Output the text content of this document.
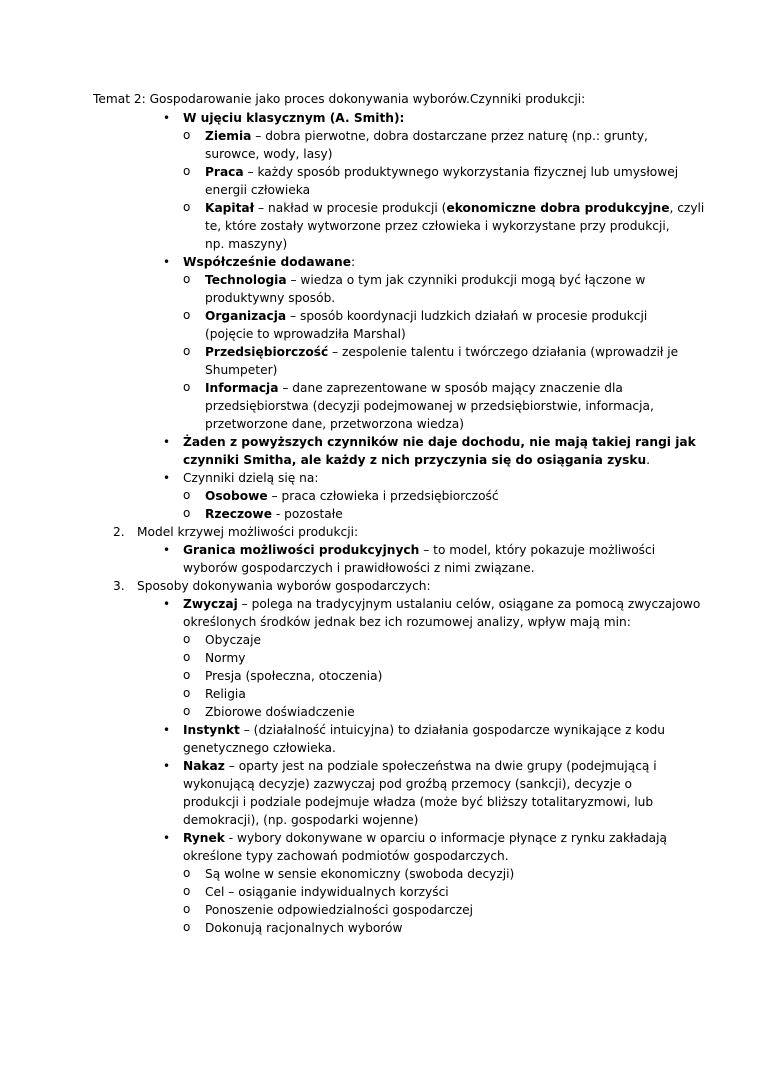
Temat 2: Gospodarowanie jako proces dokonywania wyborów.Czynniki produkcji:
• W ujęciu klasycznym (A. Smith):
o Ziemia – dobra pierwotne, dobra dostarczane przez naturę (np.: grunty,
surowce, wody, lasy)
o Praca – każdy sposób produktywnego wykorzystania fizycznej lub umysłowej
energii człowieka
o Kapitał – nakład w procesie produkcji (ekonomiczne dobra produkcyjne, czyli
te, które zostały wytworzone przez człowieka i wykorzystane przy produkcji,
np. maszyny)
• Współcześnie dodawane:
o Technologia – wiedza o tym jak czynniki produkcji mogą być łączone w
produktywny sposób.
o Organizacja – sposób koordynacji ludzkich działań w procesie produkcji
(pojęcie to wprowadziła Marshal)
o Przedsiębiorczość – zespolenie talentu i twórczego działania (wprowadził je
Shumpeter)
o Informacja – dane zaprezentowane w sposób mający znaczenie dla
przedsiębiorstwa (decyzji podejmowanej w przedsiębiorstwie, informacja,
przetworzone dane, przetworzona wiedza)
• Żaden z powyższych czynników nie daje dochodu, nie mają takiej rangi jak
czynniki Smitha, ale każdy z nich przyczynia się do osiągania zysku.
• Czynniki dzielą się na:
o Osobowe – praca człowieka i przedsiębiorczość
o Rzeczowe - pozostałe
2. Model krzywej możliwości produkcji:
• Granica możliwości produkcyjnych – to model, który pokazuje możliwości
wyborów gospodarczych i prawidłowości z nimi związane.
3. Sposoby dokonywania wyborów gospodarczych:
• Zwyczaj – polega na tradycyjnym ustalaniu celów, osiągane za pomocą zwyczajowo
określonych środków jednak bez ich rozumowej analizy, wpływ mają min:
o Obyczaje
o Normy
o Presja (społeczna, otoczenia)
o Religia
o Zbiorowe doświadczenie
• Instynkt – (działalność intuicyjna) to działania gospodarcze wynikające z kodu
genetycznego człowieka.
• Nakaz – oparty jest na podziale społeczeństwa na dwie grupy (podejmującą i
wykonującą decyzje) zazwyczaj pod groźbą przemocy (sankcji), decyzje o
produkcji i podziale podejmuje władza (może być bliższy totalitaryzmowi, lub
demokracji), (np. gospodarki wojenne)
• Rynek - wybory dokonywane w oparciu o informacje płynące z rynku zakładają
określone typy zachowań podmiotów gospodarczych.
o Są wolne w sensie ekonomiczny (swoboda decyzji)
o Cel – osiąganie indywidualnych korzyści
o Ponoszenie odpowiedzialności gospodarczej
o Dokonują racjonalnych wyborów
